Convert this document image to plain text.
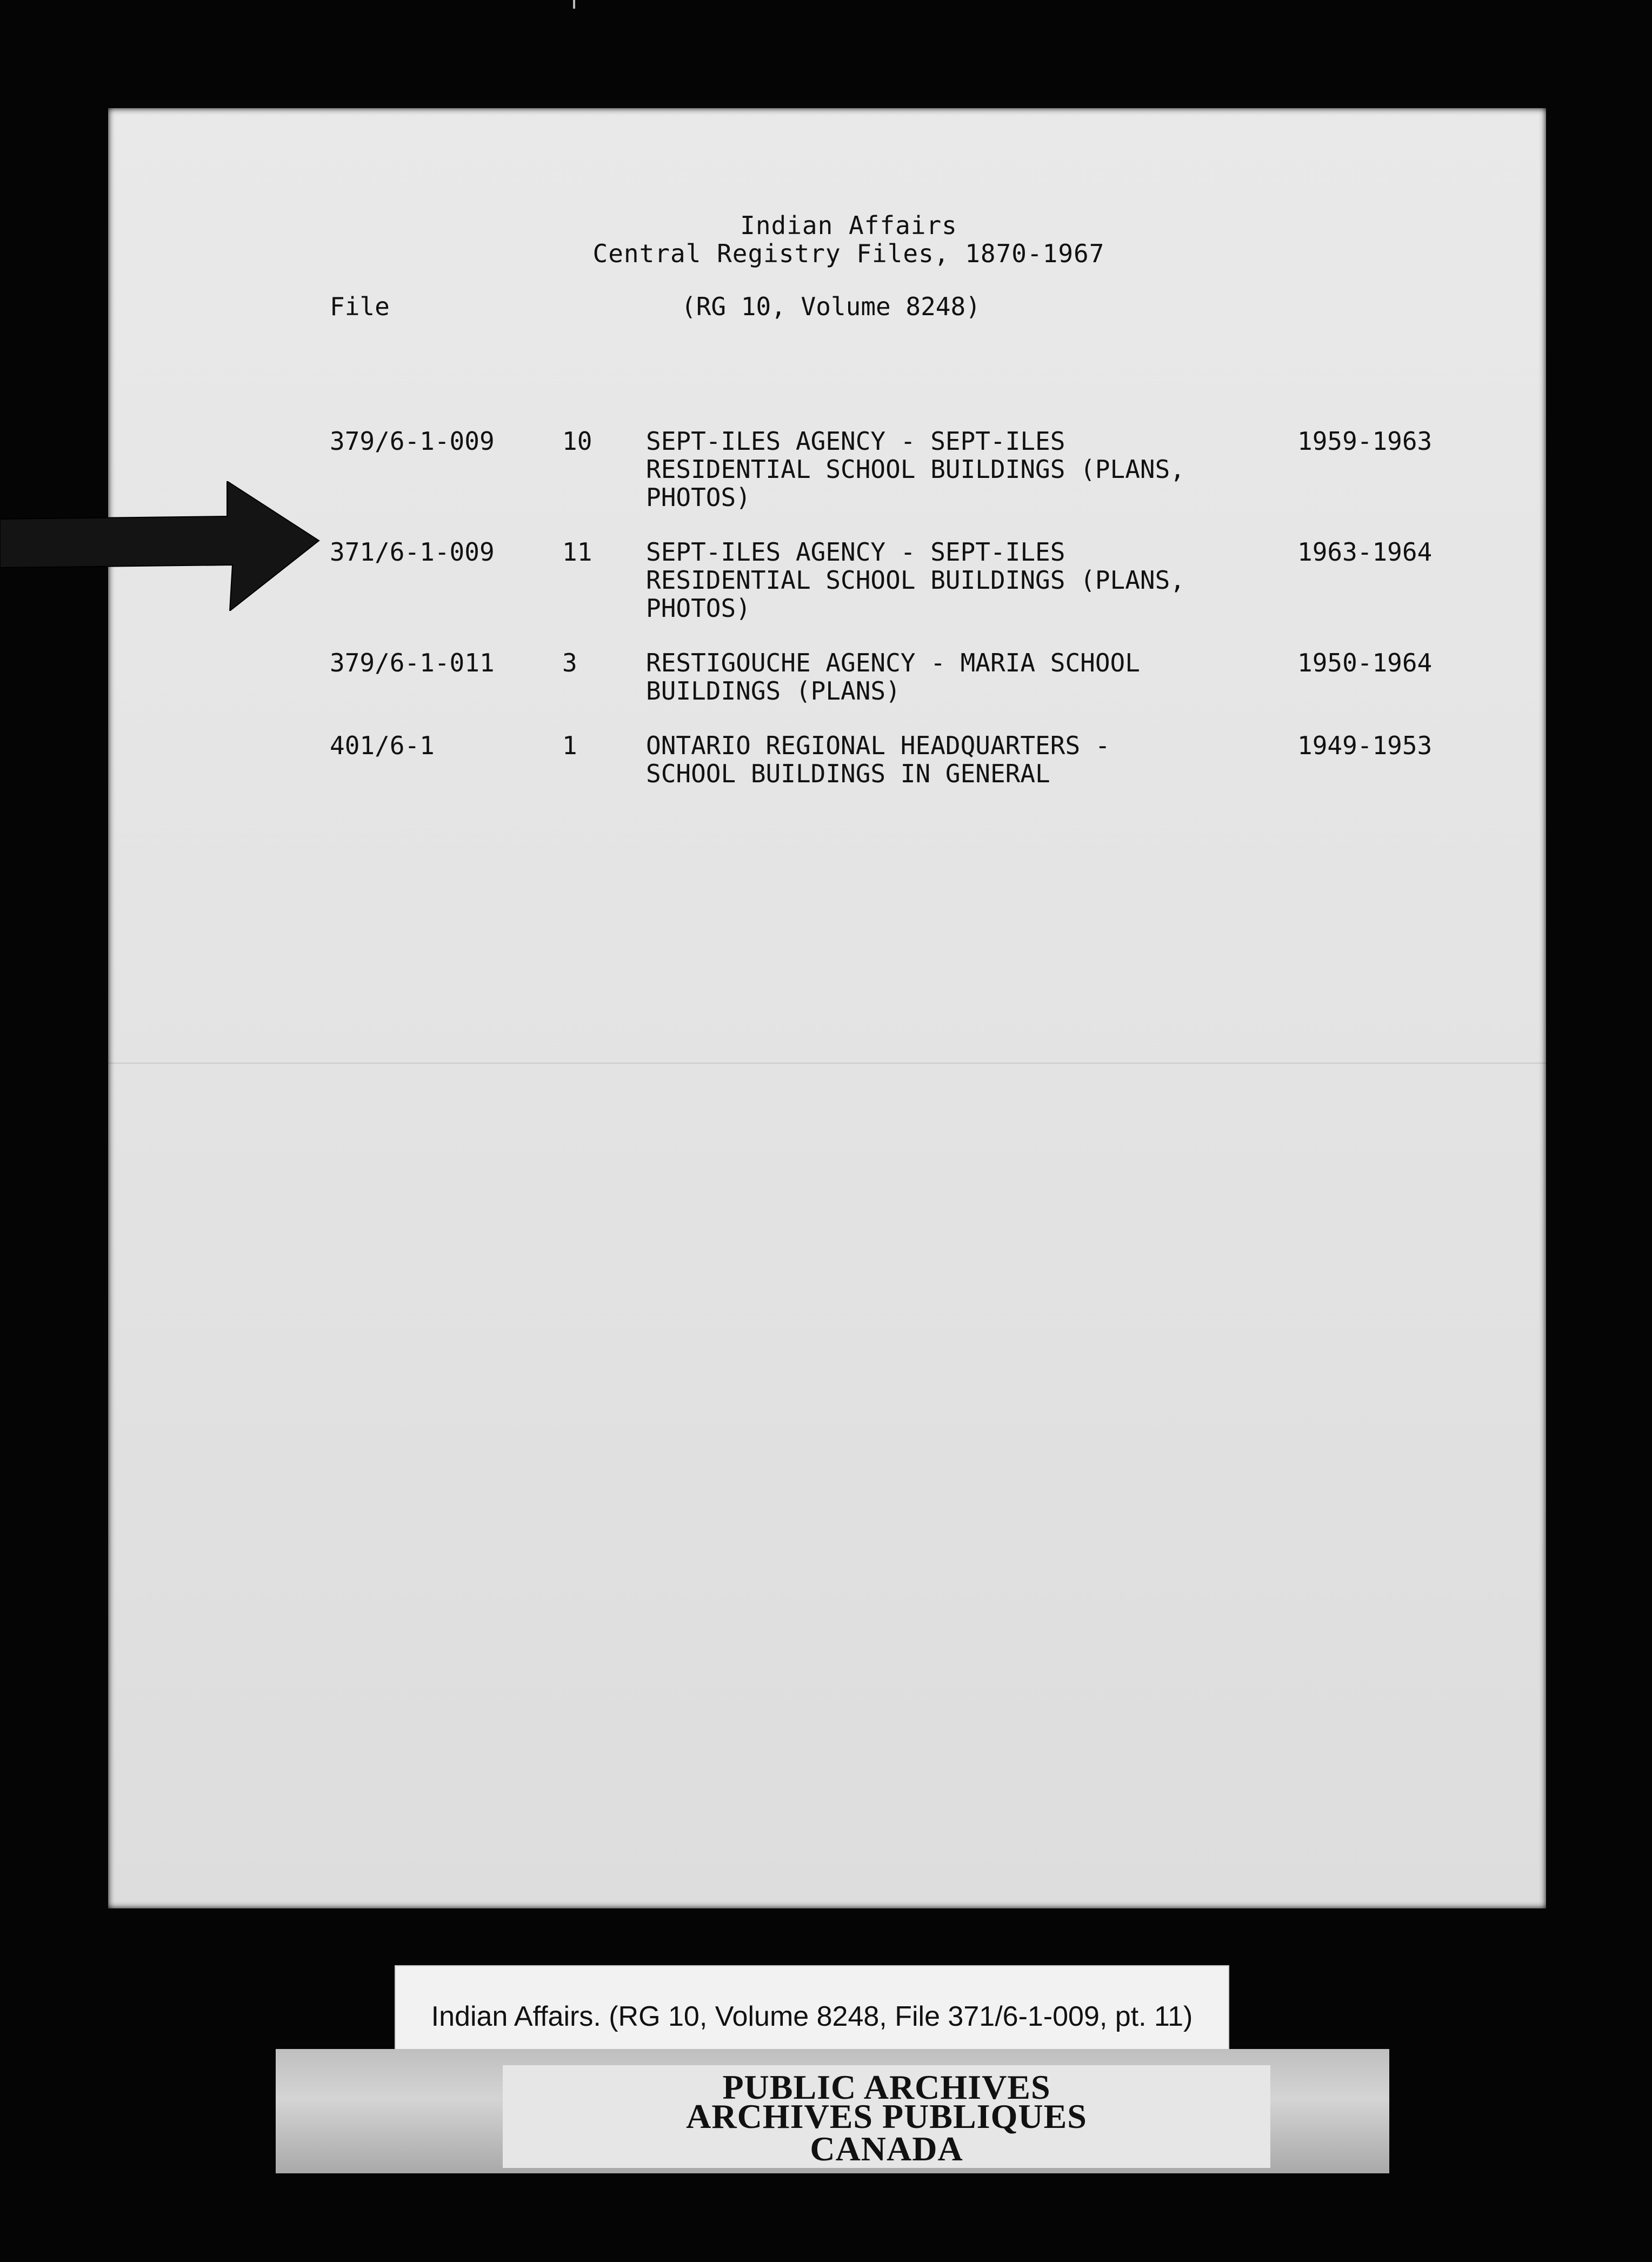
Indian Affairs
Central Registry Files, 1870-1967
File	(RG 10, Volume 8248)
379/6-1-009	10 SEPT-ILES AGENCY - SEPT-ILES
RESIDENTIAL SCHOOL BUILDINGS (PLANS,
PHOTOS)
1959-1963
371/6-1-009	11 SEPT-ILES AGENCY - SEPT-ILES
RESIDENTIAL SCHOOL BUILDINGS (PLANS,
PHOTOS)
1963-1964
379/6-1-011	3	RESTIGOUCHE AGENCY - MARIA SCHOOL
BUILDINGS (PLANS)
1950-1964
401/6-1	1	ONTARIO REGIONAL HEADQUARTERS -
SCHOOL BUILDINGS IN GENERAL
1949-1953
Indian Affairs. (RG 10, Volume 8248, File 371/6-1-009, pt. 11)
PUBLIC ARCHIVES
ARCHIVES PUBLIQUES
CANADA
